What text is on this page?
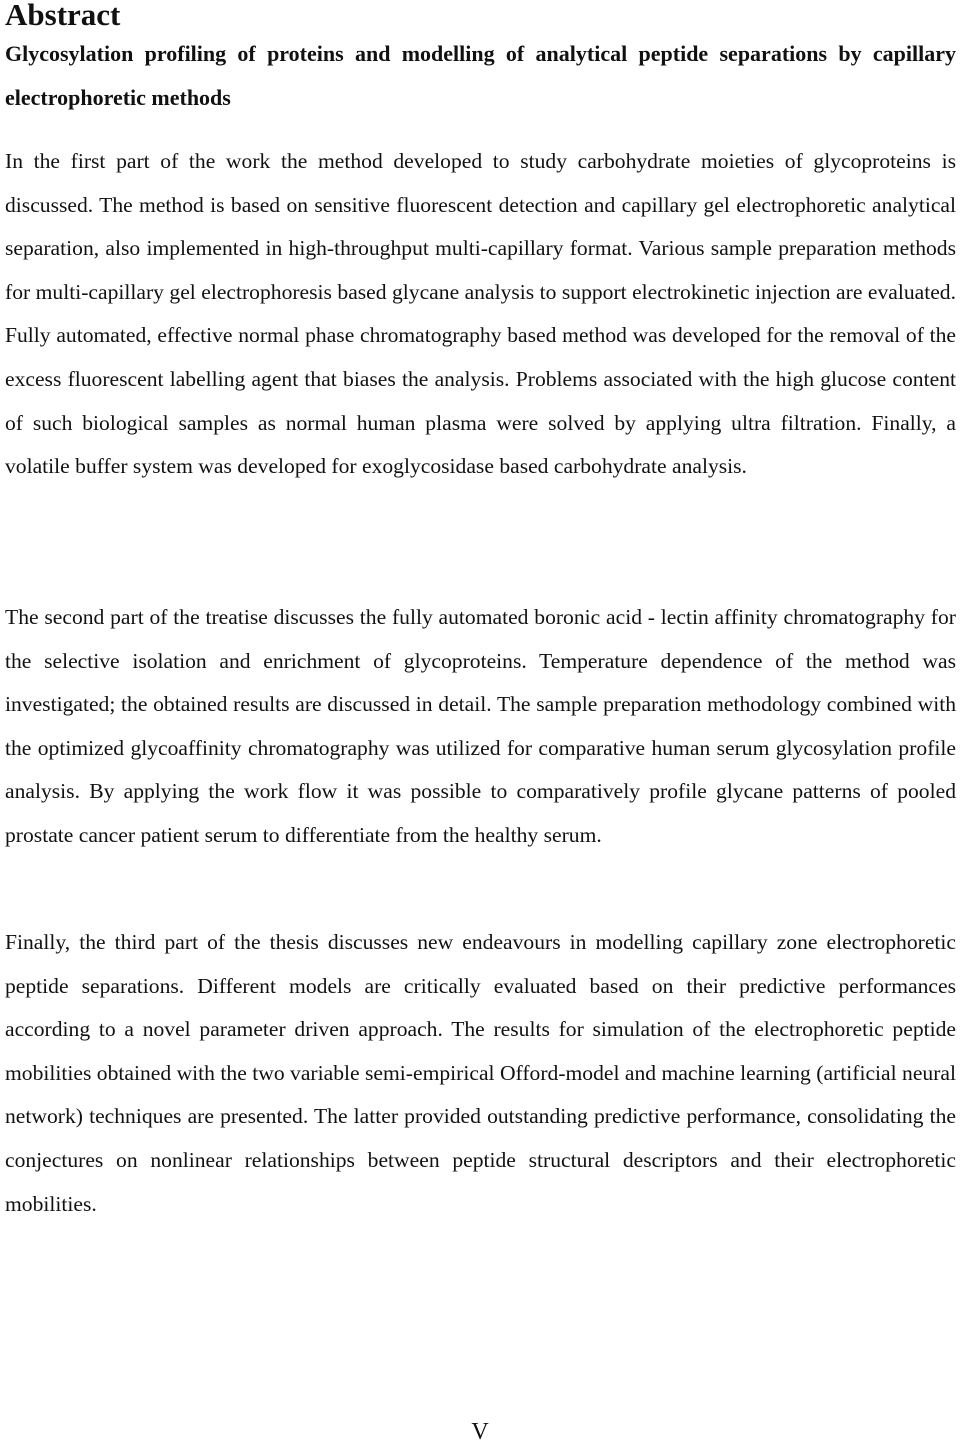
Abstract
Glycosylation profiling of proteins and modelling of analytical peptide separations by capillary electrophoretic methods

In the first part of the work the method developed to study carbohydrate moieties of glycoproteins is discussed. The method is based on sensitive fluorescent detection and capillary gel electrophoretic analytical separation, also implemented in high-throughput multi-capillary format. Various sample preparation methods for multi-capillary gel electrophoresis based glycane analysis to support electrokinetic injection are evaluated. Fully automated, effective normal phase chromatography based method was developed for the removal of the excess fluorescent labelling agent that biases the analysis. Problems associated with the high glucose content of such biological samples as normal human plasma were solved by applying ultra filtration. Finally, a volatile buffer system was developed for exoglycosidase based carbohydrate analysis.

The second part of the treatise discusses the fully automated boronic acid - lectin affinity chromatography for the selective isolation and enrichment of glycoproteins. Temperature dependence of the method was investigated; the obtained results are discussed in detail. The sample preparation methodology combined with the optimized glycoaffinity chromatography was utilized for comparative human serum glycosylation profile analysis. By applying the work flow it was possible to comparatively profile glycane patterns of pooled prostate cancer patient serum to differentiate from the healthy serum.

Finally, the third part of the thesis discusses new endeavours in modelling capillary zone electrophoretic peptide separations. Different models are critically evaluated based on their predictive performances according to a novel parameter driven approach. The results for simulation of the electrophoretic peptide mobilities obtained with the two variable semi-empirical Offord-model and machine learning (artificial neural network) techniques are presented. The latter provided outstanding predictive performance, consolidating the conjectures on nonlinear relationships between peptide structural descriptors and their electrophoretic mobilities.

V
